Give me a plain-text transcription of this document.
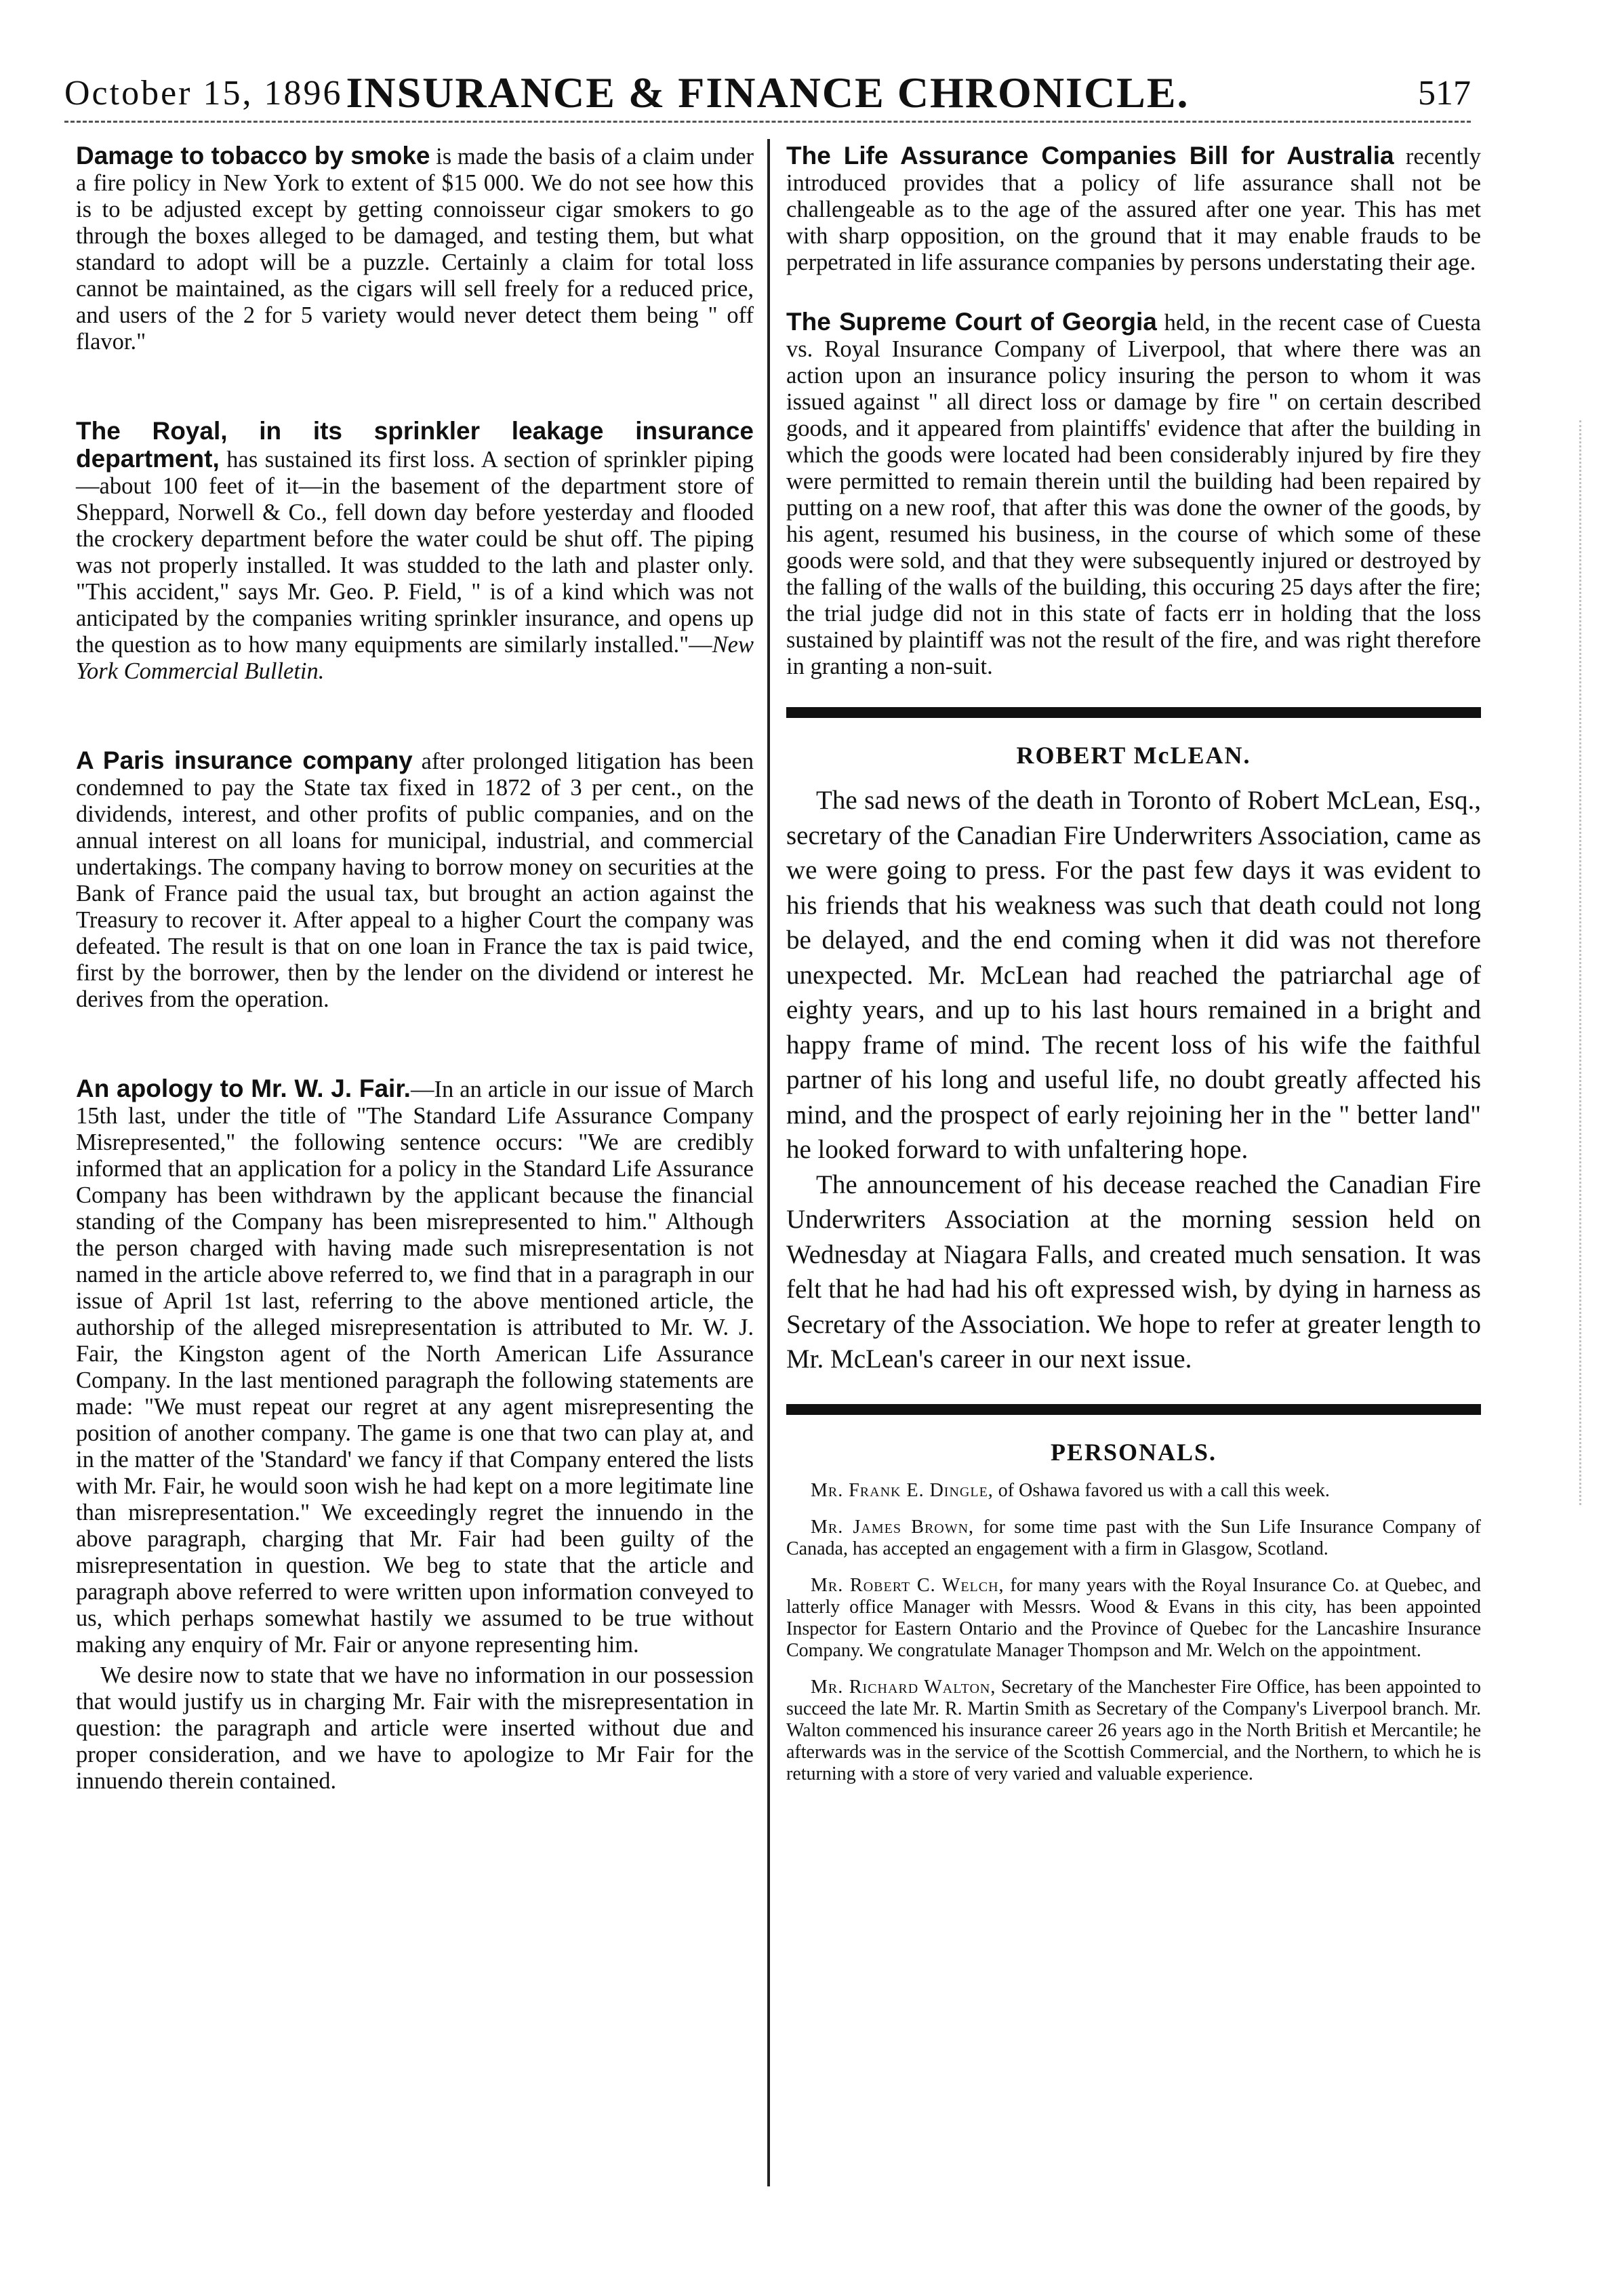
October 15, 1896 INSURANCE & FINANCE CHRONICLE.	517

Damage to tobacco by smoke is made the basis of a claim under a fire policy in New York to extent of $15 000. We do not see how this is to be adjusted except by getting connoisseur cigar smokers to go through the boxes alleged to be damaged, and testing them, but what standard to adopt will be a puzzle. Certainly a claim for total loss cannot be maintained, as the cigars will sell freely for a reduced price, and users of the 2 for 5 variety would never detect them being " off flavor."

The Royal, in its sprinkler leakage insurance department, has sustained its first loss. A section of sprinkler piping—about 100 feet of it—in the basement of the department store of Sheppard, Norwell & Co., fell down day before yesterday and flooded the crockery department before the water could be shut off. The piping was not properly installed. It was studded to the lath and plaster only. "This accident," says Mr. Geo. P. Field, " is of a kind which was not anticipated by the companies writing sprinkler insurance, and opens up the question as to how many equipments are similarly installed."—New York Commercial Bulletin.

A Paris insurance company after prolonged litigation has been condemned to pay the State tax fixed in 1872 of 3 per cent., on the dividends, interest, and other profits of public companies, and on the annual interest on all loans for municipal, industrial, and commercial undertakings. The company having to borrow money on securities at the Bank of France paid the usual tax, but brought an action against the Treasury to recover it. After appeal to a higher Court the company was defeated. The result is that on one loan in France the tax is paid twice, first by the borrower, then by the lender on the dividend or interest he derives from the operation.

An apology to Mr. W. J. Fair.—In an article in our issue of March 15th last, under the title of "The Standard Life Assurance Company Misrepresented," the following sentence occurs: "We are credibly informed that an application for a policy in the Standard Life Assurance Company has been withdrawn by the applicant because the financial standing of the Company has been misrepresented to him." Although the person charged with having made such misrepresentation is not named in the article above referred to, we find that in a paragraph in our issue of April 1st last, referring to the above mentioned article, the authorship of the alleged misrepresentation is attributed to Mr. W. J. Fair, the Kingston agent of the North American Life Assurance Company. In the last mentioned paragraph the following statements are made: "We must repeat our regret at any agent misrepresenting the position of another company. The game is one that two can play at, and in the matter of the 'Standard' we fancy if that Company entered the lists with Mr. Fair, he would soon wish he had kept on a more legitimate line than misrepresentation." We exceedingly regret the innuendo in the above paragraph, charging that Mr. Fair had been guilty of the misrepresentation in question. We beg to state that the article and paragraph above referred to were written upon information conveyed to us, which perhaps somewhat hastily we assumed to be true without making any enquiry of Mr. Fair or anyone representing him.

We desire now to state that we have no information in our possession that would justify us in charging Mr. Fair with the misrepresentation in question: the paragraph and article were inserted without due and proper consideration, and we have to apologize to Mr Fair for the innuendo therein contained.

The Life Assurance Companies Bill for Australia recently introduced provides that a policy of life assurance shall not be challengeable as to the age of the assured after one year. This has met with sharp opposition, on the ground that it may enable frauds to be perpetrated in life assurance companies by persons understating their age.

The Supreme Court of Georgia held, in the recent case of Cuesta vs. Royal Insurance Company of Liverpool, that where there was an action upon an insurance policy insuring the person to whom it was issued against " all direct loss or damage by fire " on certain described goods, and it appeared from plaintiffs' evidence that after the building in which the goods were located had been considerably injured by fire they were permitted to remain therein until the building had been repaired by putting on a new roof, that after this was done the owner of the goods, by his agent, resumed his business, in the course of which some of these goods were sold, and that they were subsequently injured or destroyed by the falling of the walls of the building, this occuring 25 days after the fire; the trial judge did not in this state of facts err in holding that the loss sustained by plaintiff was not the result of the fire, and was right therefore in granting a non-suit.

ROBERT McLEAN.

The sad news of the death in Toronto of Robert McLean, Esq., secretary of the Canadian Fire Underwriters Association, came as we were going to press. For the past few days it was evident to his friends that his weakness was such that death could not long be delayed, and the end coming when it did was not therefore unexpected. Mr. McLean had reached the patriarchal age of eighty years, and up to his last hours remained in a bright and happy frame of mind. The recent loss of his wife the faithful partner of his long and useful life, no doubt greatly affected his mind, and the prospect of early rejoining her in the " better land" he looked forward to with unfaltering hope.

The announcement of his decease reached the Canadian Fire Underwriters Association at the morning session held on Wednesday at Niagara Falls, and created much sensation. It was felt that he had had his oft expressed wish, by dying in harness as Secretary of the Association. We hope to refer at greater length to Mr. McLean's career in our next issue.

PERSONALS.

Mr. Frank E. Dingle, of Oshawa favored us with a call this week.

Mr. James Brown, for some time past with the Sun Life Insurance Company of Canada, has accepted an engagement with a firm in Glasgow, Scotland.

Mr. Robert C. Welch, for many years with the Royal Insurance Co. at Quebec, and latterly office Manager with Messrs. Wood & Evans in this city, has been appointed Inspector for Eastern Ontario and the Province of Quebec for the Lancashire Insurance Company. We congratulate Manager Thompson and Mr. Welch on the appointment.

Mr. Richard Walton, Secretary of the Manchester Fire Office, has been appointed to succeed the late Mr. R. Martin Smith as Secretary of the Company's Liverpool branch. Mr. Walton commenced his insurance career 26 years ago in the North British et Mercantile; he afterwards was in the service of the Scottish Commercial, and the Northern, to which he is returning with a store of very varied and valuable experience.
